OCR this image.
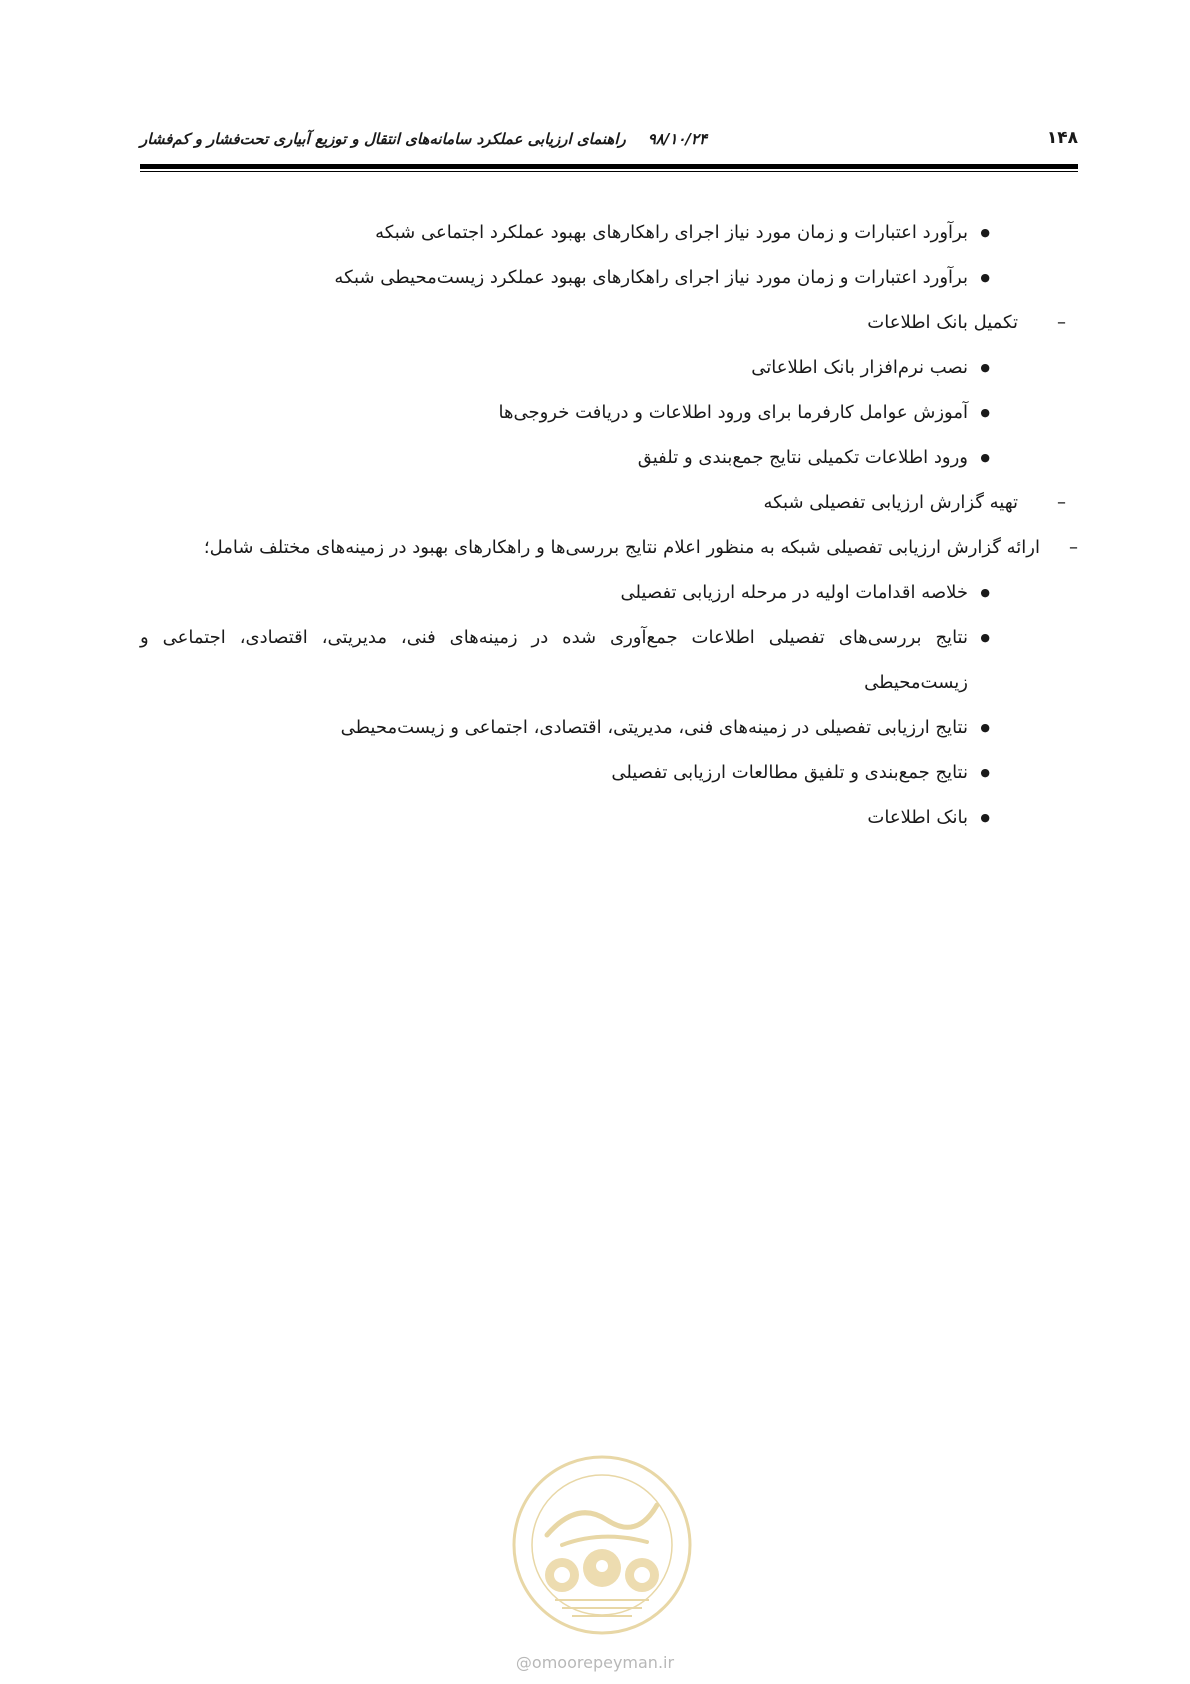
۱۴۸
۹۸/۱۰/۲۴راهنمای ارزیابی عملکرد سامانه‌های انتقال و توزیع آبیاری تحت‌فشار و کم‌فشار

● برآورد اعتبارات و زمان مورد نیاز اجرای راهکارهای بهبود عملکرد اجتماعی شبکه

● برآورد اعتبارات و زمان مورد نیاز اجرای راهکارهای بهبود عملکرد زیست‌محیطی شبکه

– تکمیل بانک اطلاعات

● نصب نرم‌افزار بانک اطلاعاتی

● آموزش عوامل کارفرما برای ورود اطلاعات و دریافت خروجی‌ها

● ورود اطلاعات تکمیلی نتایج جمع‌بندی و تلفیق

– تهیه گزارش ارزیابی تفصیلی شبکه

– ارائه گزارش ارزیابی تفصیلی شبکه به منظور اعلام نتایج بررسی‌ها و راهکارهای بهبود در زمینه‌های مختلف شامل؛

● خلاصه اقدامات اولیه در مرحله ارزیابی تفصیلی

● نتایج بررسی‌های تفصیلی اطلاعات جمع‌آوری شده در زمینه‌های فنی، مدیریتی، اقتصادی، اجتماعی و زیست‌محیطی

● نتایج ارزیابی تفصیلی در زمینه‌های فنی، مدیریتی، اقتصادی، اجتماعی و زیست‌محیطی

● نتایج جمع‌بندی و تلفیق مطالعات ارزیابی تفصیلی

● بانک اطلاعات

@omoorepeyman.ir
